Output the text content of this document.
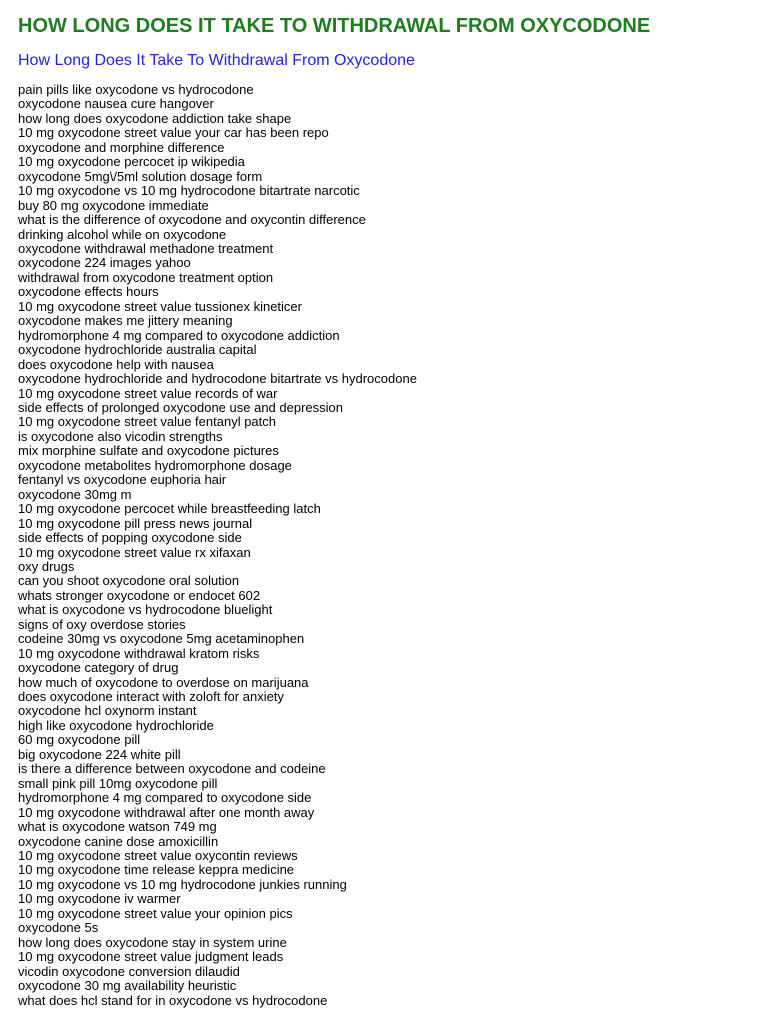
HOW LONG DOES IT TAKE TO WITHDRAWAL FROM OXYCODONE
How Long Does It Take To Withdrawal From Oxycodone
pain pills like oxycodone vs hydrocodone
oxycodone nausea cure hangover
how long does oxycodone addiction take shape
10 mg oxycodone street value your car has been repo
oxycodone and morphine difference
10 mg oxycodone percocet ip wikipedia
oxycodone 5mg\/5ml solution dosage form
10 mg oxycodone vs 10 mg hydrocodone bitartrate narcotic
buy 80 mg oxycodone immediate
what is the difference of oxycodone and oxycontin difference
drinking alcohol while on oxycodone
oxycodone withdrawal methadone treatment
oxycodone 224 images yahoo
withdrawal from oxycodone treatment option
oxycodone effects hours
10 mg oxycodone street value tussionex kineticer
oxycodone makes me jittery meaning
hydromorphone 4 mg compared to oxycodone addiction
oxycodone hydrochloride australia capital
does oxycodone help with nausea
oxycodone hydrochloride and hydrocodone bitartrate vs hydrocodone
10 mg oxycodone street value records of war
side effects of prolonged oxycodone use and depression
10 mg oxycodone street value fentanyl patch
is oxycodone also vicodin strengths
mix morphine sulfate and oxycodone pictures
oxycodone metabolites hydromorphone dosage
fentanyl vs oxycodone euphoria hair
oxycodone 30mg m
10 mg oxycodone percocet while breastfeeding latch
10 mg oxycodone pill press news journal
side effects of popping oxycodone side
10 mg oxycodone street value rx xifaxan
oxy drugs
can you shoot oxycodone oral solution
whats stronger oxycodone or endocet 602
what is oxycodone vs hydrocodone bluelight
signs of oxy overdose stories
codeine 30mg vs oxycodone 5mg acetaminophen
10 mg oxycodone withdrawal kratom risks
oxycodone category of drug
how much of oxycodone to overdose on marijuana
does oxycodone interact with zoloft for anxiety
oxycodone hcl oxynorm instant
high like oxycodone hydrochloride
60 mg oxycodone pill
big oxycodone 224 white pill
is there a difference between oxycodone and codeine
small pink pill 10mg oxycodone pill
hydromorphone 4 mg compared to oxycodone side
10 mg oxycodone withdrawal after one month away
what is oxycodone watson 749 mg
oxycodone canine dose amoxicillin
10 mg oxycodone street value oxycontin reviews
10 mg oxycodone time release keppra medicine
10 mg oxycodone vs 10 mg hydrocodone junkies running
10 mg oxycodone iv warmer
10 mg oxycodone street value your opinion pics
oxycodone 5s
how long does oxycodone stay in system urine
10 mg oxycodone street value judgment leads
vicodin oxycodone conversion dilaudid
oxycodone 30 mg availability heuristic
what does hcl stand for in oxycodone vs hydrocodone
